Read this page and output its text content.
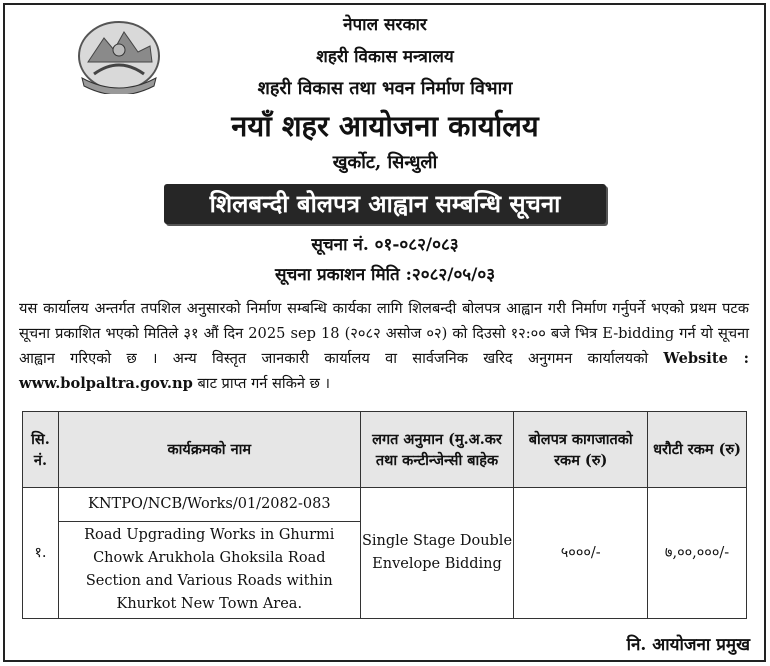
नेपाल सरकार
शहरी विकास मन्त्रालय
शहरी विकास तथा भवन निर्माण विभाग
नयाँ शहर आयोजना कार्यालय
खुर्कोट, सिन्धुली
शिलबन्दी बोलपत्र आह्वान सम्बन्धि सूचना
सूचना नं. ०१-०८२/०८३
सूचना प्रकाशन मिति :२०८२/०५/०३
यस कार्यालय अन्तर्गत तपशिल अनुसारको निर्माण सम्बन्धि कार्यका लागि शिलबन्दी बोलपत्र आह्वान गरी निर्माण गर्नुपर्ने भएको प्रथम पटक सूचना प्रकाशित भएको मितिले ३१ औं दिन 2025 sep 18 (२०८२ असोज ०२) को दिउसो १२:०० बजे भित्र E-bidding गर्न यो सूचना आह्वान गरिएको छ । अन्य विस्तृत जानकारी कार्यालय वा सार्वजनिक खरिद अनुगमन कार्यालयको Website : www.bolpaltra.gov.np बाट प्राप्त गर्न सकिने छ ।
सि. नं.	कार्यक्रमको नाम	लगत अनुमान (मु.अ.कर तथा कन्टीन्जेन्सी बाहेक	बोलपत्र कागजातको रकम (रु)	धरौटी रकम (रु)
१.	KNTPO/NCB/Works/01/2082-083	Single Stage Double Envelope Bidding	५०००/-	७,००,०००/-
	Road Upgrading Works in Ghurmi Chowk Arukhola Ghoksila Road Section and Various Roads within Khurkot New Town Area.			
नि. आयोजना प्रमुख
